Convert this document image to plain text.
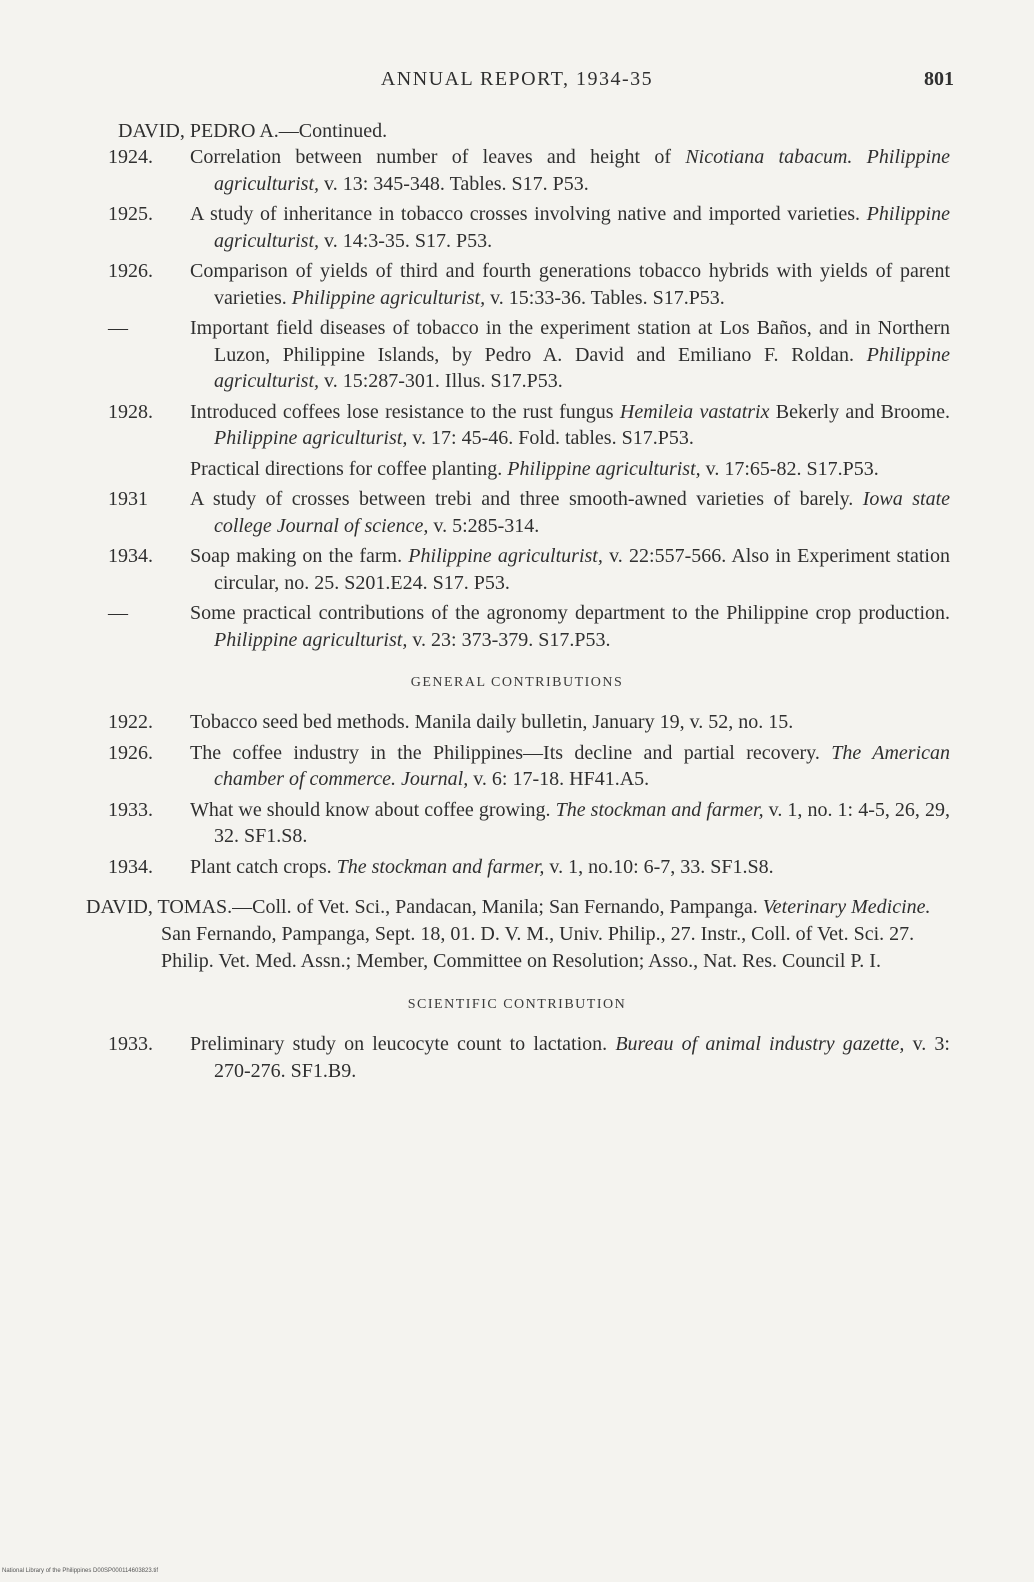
ANNUAL REPORT, 1934-35	801
DAVID, PEDRO A.—Continued.
1924.	Correlation between number of leaves and height of Nicotiana tabacum. Philippine agriculturist, v. 13: 345-348. Tables. S17. P53.
1925.	A study of inheritance in tobacco crosses involving native and imported varieties. Philippine agriculturist, v. 14:3-35. S17. P53.
1926.	Comparison of yields of third and fourth generations tobacco hybrids with yields of parent varieties. Philippine agriculturist, v. 15:33-36. Tables. S17.P53.
—	Important field diseases of tobacco in the experiment station at Los Baños, and in Northern Luzon, Philippine Islands, by Pedro A. David and Emiliano F. Roldan. Philippine agriculturist, v. 15:287-301. Illus. S17.P53.
1928.	Introduced coffees lose resistance to the rust fungus Hemileia vastatrix Bekerly and Broome. Philippine agriculturist, v. 17: 45-46. Fold. tables. S17.P53.
Practical directions for coffee planting. Philippine agriculturist, v. 17:65-82. S17.P53.
1931	A study of crosses between trebi and three smooth-awned varieties of barely. Iowa state college Journal of science, v. 5:285-314.
1934.	Soap making on the farm. Philippine agriculturist, v. 22:557-566. Also in Experiment station circular, no. 25. S201.E24. S17. P53.
—	Some practical contributions of the agronomy department to the Philippine crop production. Philippine agriculturist, v. 23: 373-379. S17.P53.
GENERAL CONTRIBUTIONS
1922.	Tobacco seed bed methods. Manila daily bulletin, January 19, v. 52, no. 15.
1926.	The coffee industry in the Philippines—Its decline and partial recovery. The American chamber of commerce. Journal, v. 6: 17-18. HF41.A5.
1933.	What we should know about coffee growing. The stockman and farmer, v. 1, no. 1: 4-5, 26, 29, 32. SF1.S8.
1934.	Plant catch crops. The stockman and farmer, v. 1, no.10: 6-7, 33. SF1.S8.
DAVID, TOMAS.—Coll. of Vet. Sci., Pandacan, Manila; San Fernando, Pampanga. Veterinary Medicine. San Fernando, Pampanga, Sept. 18, 01. D. V. M., Univ. Philip., 27. Instr., Coll. of Vet. Sci. 27. Philip. Vet. Med. Assn.; Member, Committee on Resolution; Asso., Nat. Res. Council P. I.
SCIENTIFIC CONTRIBUTION
1933.	Preliminary study on leucocyte count to lactation. Bureau of animal industry gazette, v. 3: 270-276. SF1.B9.
National Library of the Philippines D00SP000114603823.tif
